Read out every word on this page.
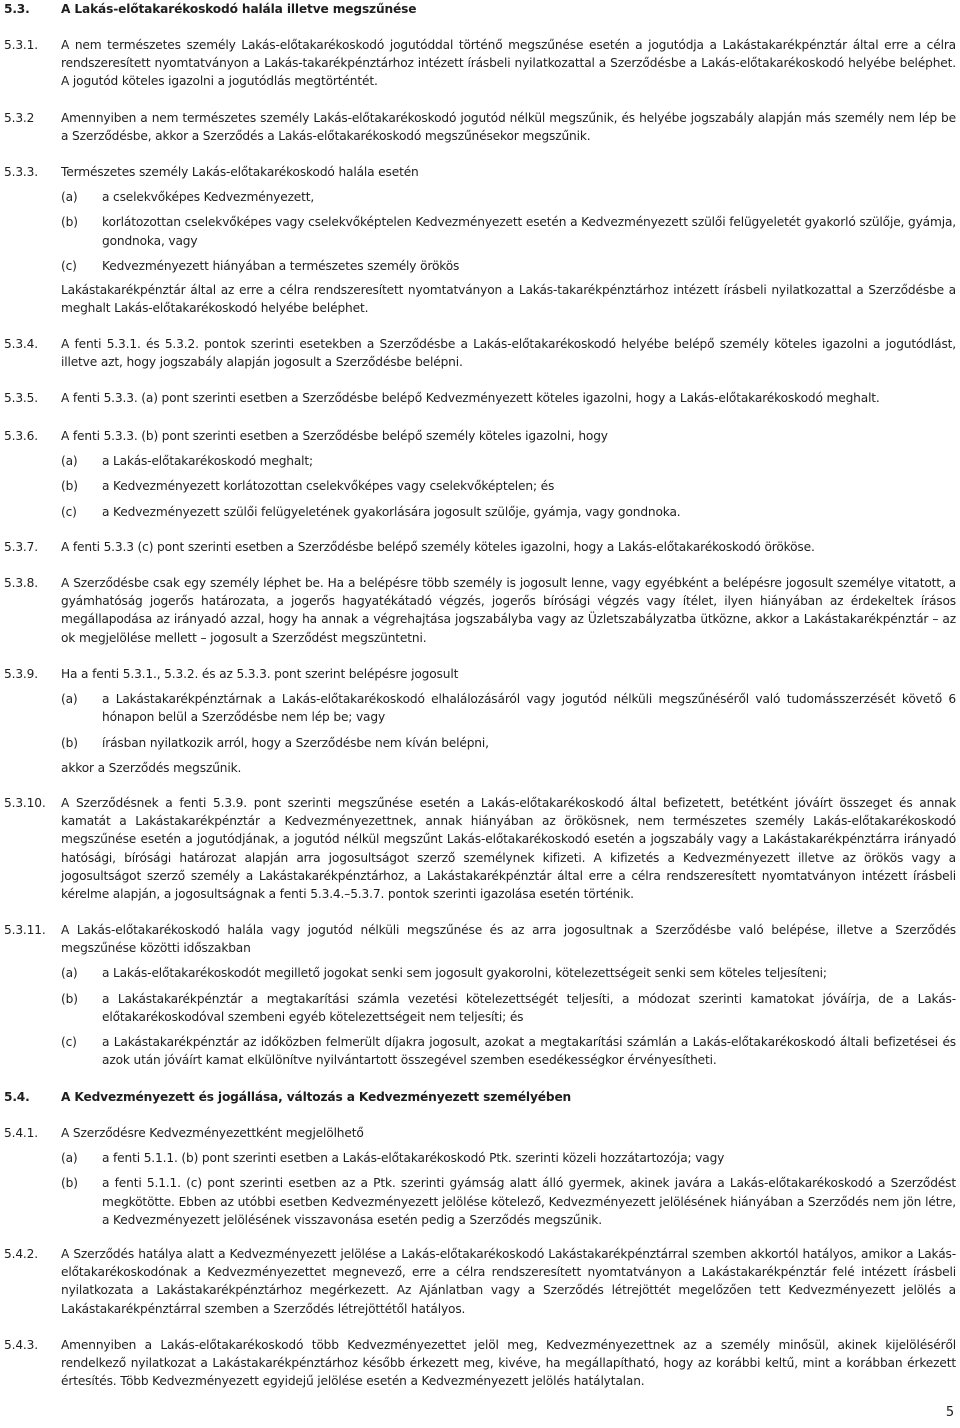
5.3.	A Lakás-előtakarékoskodó halála illetve megszűnése
5.3.1.	A nem természetes személy Lakás-előtakarékoskodó jogutóddal történő megszűnése esetén a jogutódja a Lakástakarékpénztár által erre a célra rendszeresített nyomtatványon a Lakás-takarékpénztárhoz intézett írásbeli nyilatkozattal a Szerződésbe a Lakás-előtakarékoskodó helyébe beléphet. A jogutód köteles igazolni a jogutódlás megtörténtét.
5.3.2	Amennyiben a nem természetes személy Lakás-előtakarékoskodó jogutód nélkül megszűnik, és helyébe jogszabály alapján más személy nem lép be a Szerződésbe, akkor a Szerződés a Lakás-előtakarékoskodó megszűnésekor megszűnik.
5.3.3.	Természetes személy Lakás-előtakarékoskodó halála esetén
(a) a cselekvőképes Kedvezményezett,
(b) korlátozottan cselekvőképes vagy cselekvőképtelen Kedvezményezett esetén a Kedvezményezett szülői felügyeletét gyakorló szülője, gyámja, gondnoka, vagy
(c) Kedvezményezett hiányában a természetes személy örökös
Lakástakarékpénztár által az erre a célra rendszeresített nyomtatványon a Lakás-takarékpénztárhoz intézett írásbeli nyilatkozattal a Szerződésbe a meghalt Lakás-előtakarékoskodó helyébe beléphet.
5.3.4.	A fenti 5.3.1. és 5.3.2. pontok szerinti esetekben a Szerződésbe a Lakás-előtakarékoskodó helyébe belépő személy köteles igazolni a jogutódlást, illetve azt, hogy jogszabály alapján jogosult a Szerződésbe belépni.
5.3.5.	A fenti 5.3.3. (a) pont szerinti esetben a Szerződésbe belépő Kedvezményezett köteles igazolni, hogy a Lakás-előtakarékoskodó meghalt.
5.3.6.	A fenti 5.3.3. (b) pont szerinti esetben a Szerződésbe belépő személy köteles igazolni, hogy
(a) a Lakás-előtakarékoskodó meghalt;
(b) a Kedvezményezett korlátozottan cselekvőképes vagy cselekvőképtelen; és
(c) a Kedvezményezett szülői felügyeletének gyakorlására jogosult szülője, gyámja, vagy gondnoka.
5.3.7.	A fenti 5.3.3 (c) pont szerinti esetben a Szerződésbe belépő személy köteles igazolni, hogy a Lakás-előtakarékoskodó örököse.
5.3.8.	A Szerződésbe csak egy személy léphet be. Ha a belépésre több személy is jogosult lenne, vagy egyébként a belépésre jogosult személye vitatott, a gyámhatóság jogerős határozata, a jogerős hagyatékátadó végzés, jogerős bírósági végzés vagy ítélet, ilyen hiányában az érdekeltek írásos megállapodása az irányadó azzal, hogy ha annak a végrehajtása jogszabályba vagy az Üzletszabályzatba ütközne, akkor a Lakástakarékpénztár – az ok megjelölése mellett – jogosult a Szerződést megszüntetni.
5.3.9.	Ha a fenti 5.3.1., 5.3.2. és az 5.3.3. pont szerint belépésre jogosult
(a) a Lakástakarékpénztárnak a Lakás-előtakarékoskodó elhalálozásáról vagy jogutód nélküli megszűnéséről való tudomásszerzését követő 6 hónapon belül a Szerződésbe nem lép be; vagy
(b) írásban nyilatkozik arról, hogy a Szerződésbe nem kíván belépni,
akkor a Szerződés megszűnik.
5.3.10.	A Szerződésnek a fenti 5.3.9. pont szerinti megszűnése esetén a Lakás-előtakarékoskodó által befizetett, betétként jóváírt összeget és annak kamatát a Lakástakarékpénztár a Kedvezményezettnek, annak hiányában az örökösnek, nem természetes személy Lakás-előtakarékoskodó megszűnése esetén a jogutódjának, a jogutód nélkül megszűnt Lakás-előtakarékoskodó esetén a jogszabály vagy a Lakástakarékpénztárra irányadó hatósági, bírósági határozat alapján arra jogosultságot szerző személynek kifizeti. A kifizetés a Kedvezményezett illetve az örökös vagy a jogosultságot szerző személy a Lakástakarékpénztárhoz, a Lakástakarékpénztár által erre a célra rendszeresített nyomtatványon intézett írásbeli kérelme alapján, a jogosultságnak a fenti 5.3.4.–5.3.7. pontok szerinti igazolása esetén történik.
5.3.11.	A Lakás-előtakarékoskodó halála vagy jogutód nélküli megszűnése és az arra jogosultnak a Szerződésbe való belépése, illetve a Szerződés megszűnése közötti időszakban
(a) a Lakás-előtakarékoskodót megillető jogokat senki sem jogosult gyakorolni, kötelezettségeit senki sem köteles teljesíteni;
(b) a Lakástakarékpénztár a megtakarítási számla vezetési kötelezettségét teljesíti, a módozat szerinti kamatokat jóváírja, de a Lakás-előtakarékoskodóval szembeni egyéb kötelezettségeit nem teljesíti; és
(c) a Lakástakarékpénztár az időközben felmerült díjakra jogosult, azokat a megtakarítási számlán a Lakás-előtakarékoskodó általi befizetései és azok után jóváírt kamat elkülönítve nyilvántartott összegével szemben esedékességkor érvényesítheti.
5.4.	A Kedvezményezett és jogállása, változás a Kedvezményezett személyében
5.4.1.	A Szerződésre Kedvezményezettként megjelölhető
(a) a fenti 5.1.1. (b) pont szerinti esetben a Lakás-előtakarékoskodó Ptk. szerinti közeli hozzátartozója; vagy
(b) a fenti 5.1.1. (c) pont szerinti esetben az a Ptk. szerinti gyámság alatt álló gyermek, akinek javára a Lakás-előtakarékoskodó a Szerződést megkötötte. Ebben az utóbbi esetben Kedvezményezett jelölése kötelező, Kedvezményezett jelölésének hiányában a Szerződés nem jön létre, a Kedvezményezett jelölésének visszavonása esetén pedig a Szerződés megszűnik.
5.4.2.	A Szerződés hatálya alatt a Kedvezményezett jelölése a Lakás-előtakarékoskodó Lakástakarékpénztárral szemben akkortól hatályos, amikor a Lakás-előtakarékoskodónak a Kedvezményezettet megnevező, erre a célra rendszeresített nyomtatványon a Lakástakarékpénztár felé intézett írásbeli nyilatkozata a Lakástakarékpénztárhoz megérkezett. Az Ajánlatban vagy a Szerződés létrejöttét megelőzően tett Kedvezményezett jelölés a Lakástakarékpénztárral szemben a Szerződés létrejöttétől hatályos.
5.4.3.	Amennyiben a Lakás-előtakarékoskodó több Kedvezményezettet jelöl meg, Kedvezményezettnek az a személy minősül, akinek kijelöléséről rendelkező nyilatkozat a Lakástakarékpénztárhoz később érkezett meg, kivéve, ha megállapítható, hogy az korábbi keltű, mint a korábban érkezett értesítés. Több Kedvezményezett egyidejű jelölése esetén a Kedvezményezett jelölés hatálytalan.
5
